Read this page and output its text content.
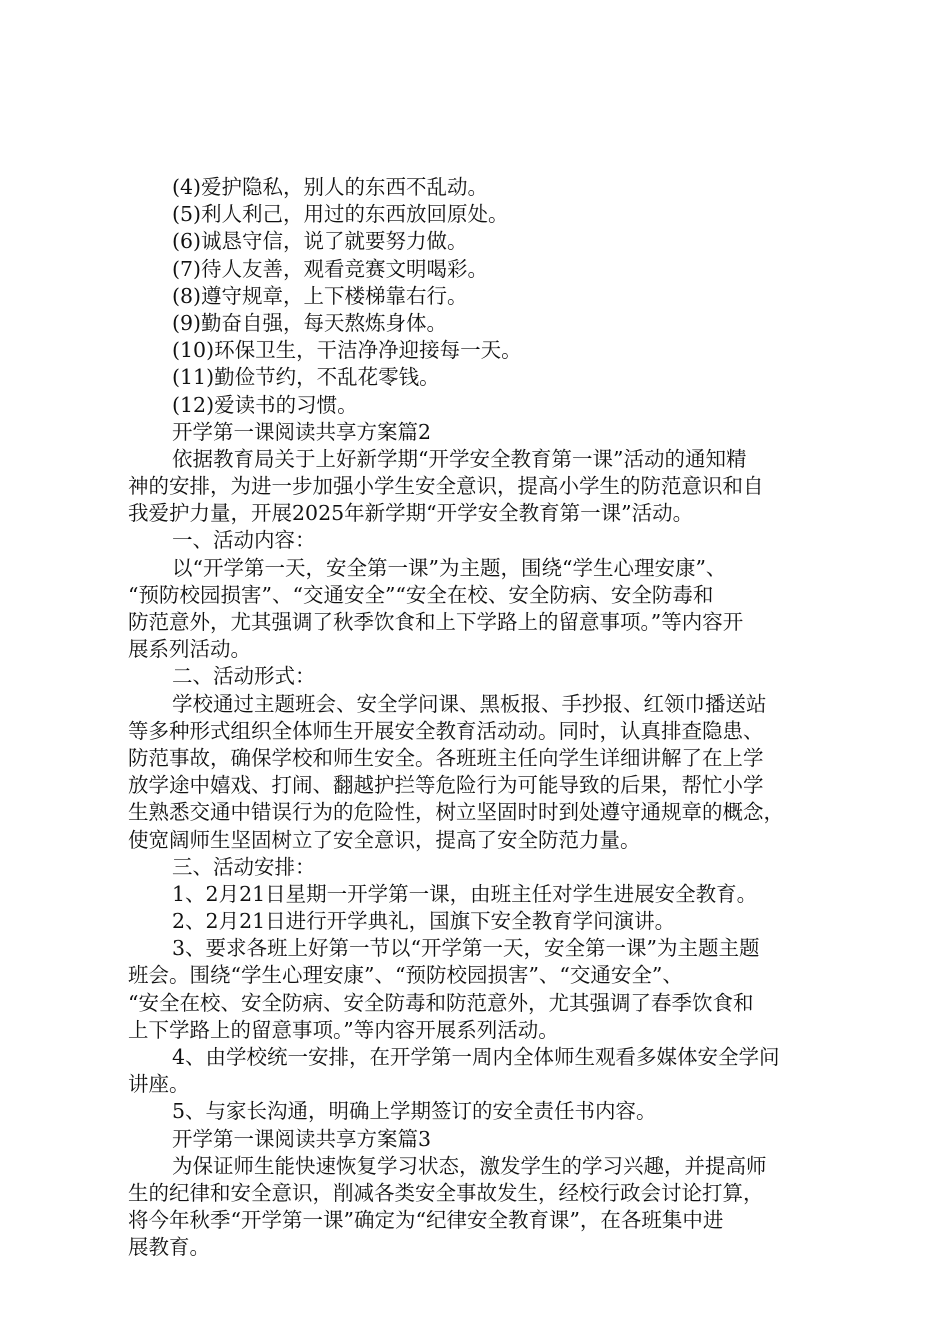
(4)爱护隐私，别人的东西不乱动。
(5)利人利己，用过的东西放回原处。
(6)诚恳守信，说了就要努力做。
(7)待人友善，观看竞赛文明喝彩。
(8)遵守规章，上下楼梯靠右行。
(9)勤奋自强，每天熬炼身体。
(10)环保卫生，干洁净净迎接每一天。
(11)勤俭节约，不乱花零钱。
(12)爱读书的习惯。
开学第一课阅读共享方案篇2
依据教育局关于上好新学期“开学安全教育第一课”活动的通知精
神的安排，为进一步加强小学生安全意识，提高小学生的防范意识和自
我爱护力量，开展2025年新学期“开学安全教育第一课”活动。
一、活动内容：
以“开学第一天，安全第一课”为主题，围绕“学生心理安康”、
“预防校园损害”、“交通安全”“安全在校、安全防病、安全防毒和
防范意外，尤其强调了秋季饮食和上下学路上的留意事项。”等内容开
展系列活动。
二、活动形式：
学校通过主题班会、安全学问课、黑板报、手抄报、红领巾播送站
等多种形式组织全体师生开展安全教育活动动。同时，认真排查隐患、
防范事故，确保学校和师生安全。各班班主任向学生详细讲解了在上学
放学途中嬉戏、打闹、翻越护拦等危险行为可能导致的后果，帮忙小学
生熟悉交通中错误行为的危险性，树立坚固时时到处遵守通规章的概念，
使宽阔师生坚固树立了安全意识，提高了安全防范力量。
三、活动安排：
1、2月21日星期一开学第一课，由班主任对学生进展安全教育。
2、2月21日进行开学典礼，国旗下安全教育学问演讲。
3、要求各班上好第一节以“开学第一天，安全第一课”为主题主题
班会。围绕“学生心理安康”、“预防校园损害”、“交通安全”、
“安全在校、安全防病、安全防毒和防范意外，尤其强调了春季饮食和
上下学路上的留意事项。”等内容开展系列活动。
4、由学校统一安排，在开学第一周内全体师生观看多媒体安全学问
讲座。
5、与家长沟通，明确上学期签订的安全责任书内容。
开学第一课阅读共享方案篇3
为保证师生能快速恢复学习状态，激发学生的学习兴趣，并提高师
生的纪律和安全意识，削减各类安全事故发生，经校行政会讨论打算，
将今年秋季“开学第一课”确定为“纪律安全教育课”，在各班集中进
展教育。
